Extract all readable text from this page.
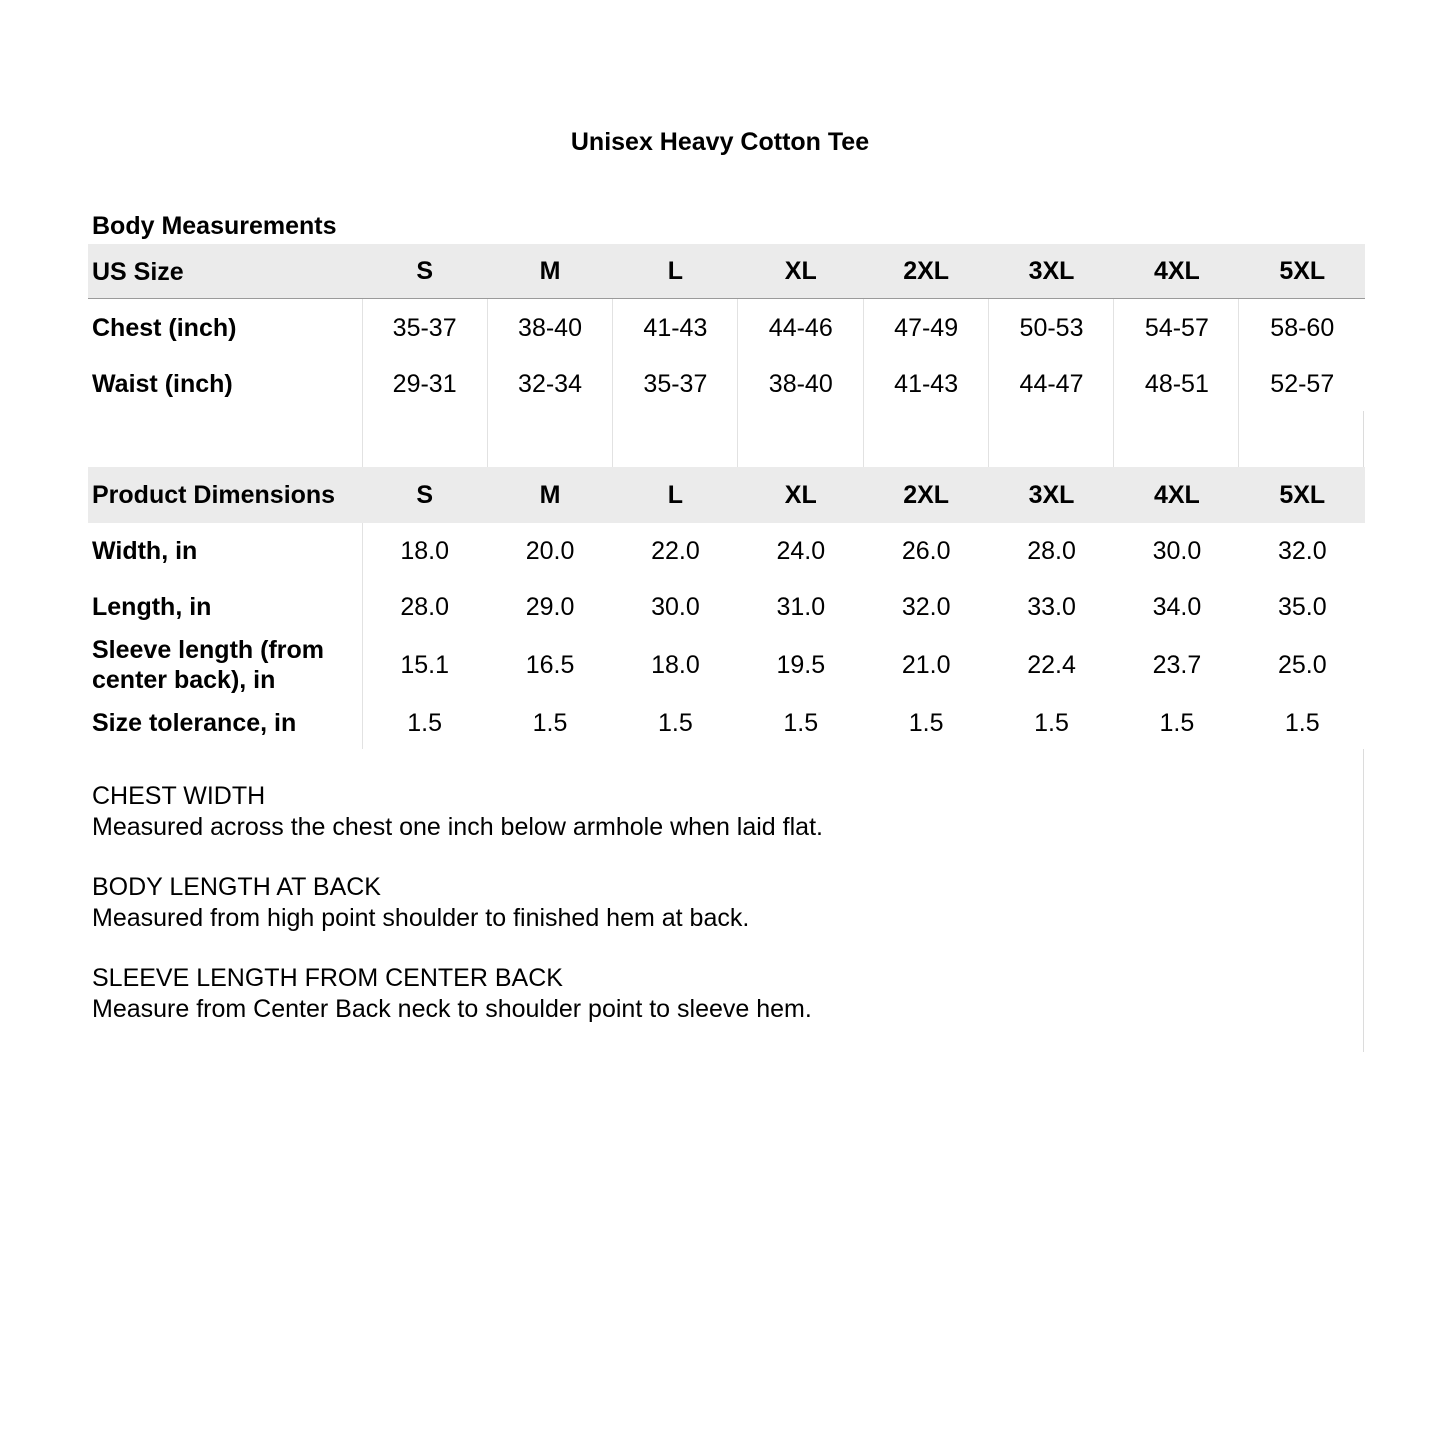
Unisex Heavy Cotton Tee
Body Measurements
US Size	S	M	L	XL	2XL	3XL	4XL	5XL
Chest (inch)	35-37	38-40	41-43	44-46	47-49	50-53	54-57	58-60
Waist (inch)	29-31	32-34	35-37	38-40	41-43	44-47	48-51	52-57
Product Dimensions	S	M	L	XL	2XL	3XL	4XL	5XL
Width, in	18.0	20.0	22.0	24.0	26.0	28.0	30.0	32.0
Length, in	28.0	29.0	30.0	31.0	32.0	33.0	34.0	35.0
Sleeve length (from
center back), in
15.1	16.5	18.0	19.5	21.0	22.4	23.7	25.0
Size tolerance, in	1.5	1.5	1.5	1.5	1.5	1.5	1.5	1.5
CHEST WIDTH
Measured across the chest one inch below armhole when laid flat.
BODY LENGTH AT BACK
Measured from high point shoulder to finished hem at back.
SLEEVE LENGTH FROM CENTER BACK
Measure from Center Back neck to shoulder point to sleeve hem.
